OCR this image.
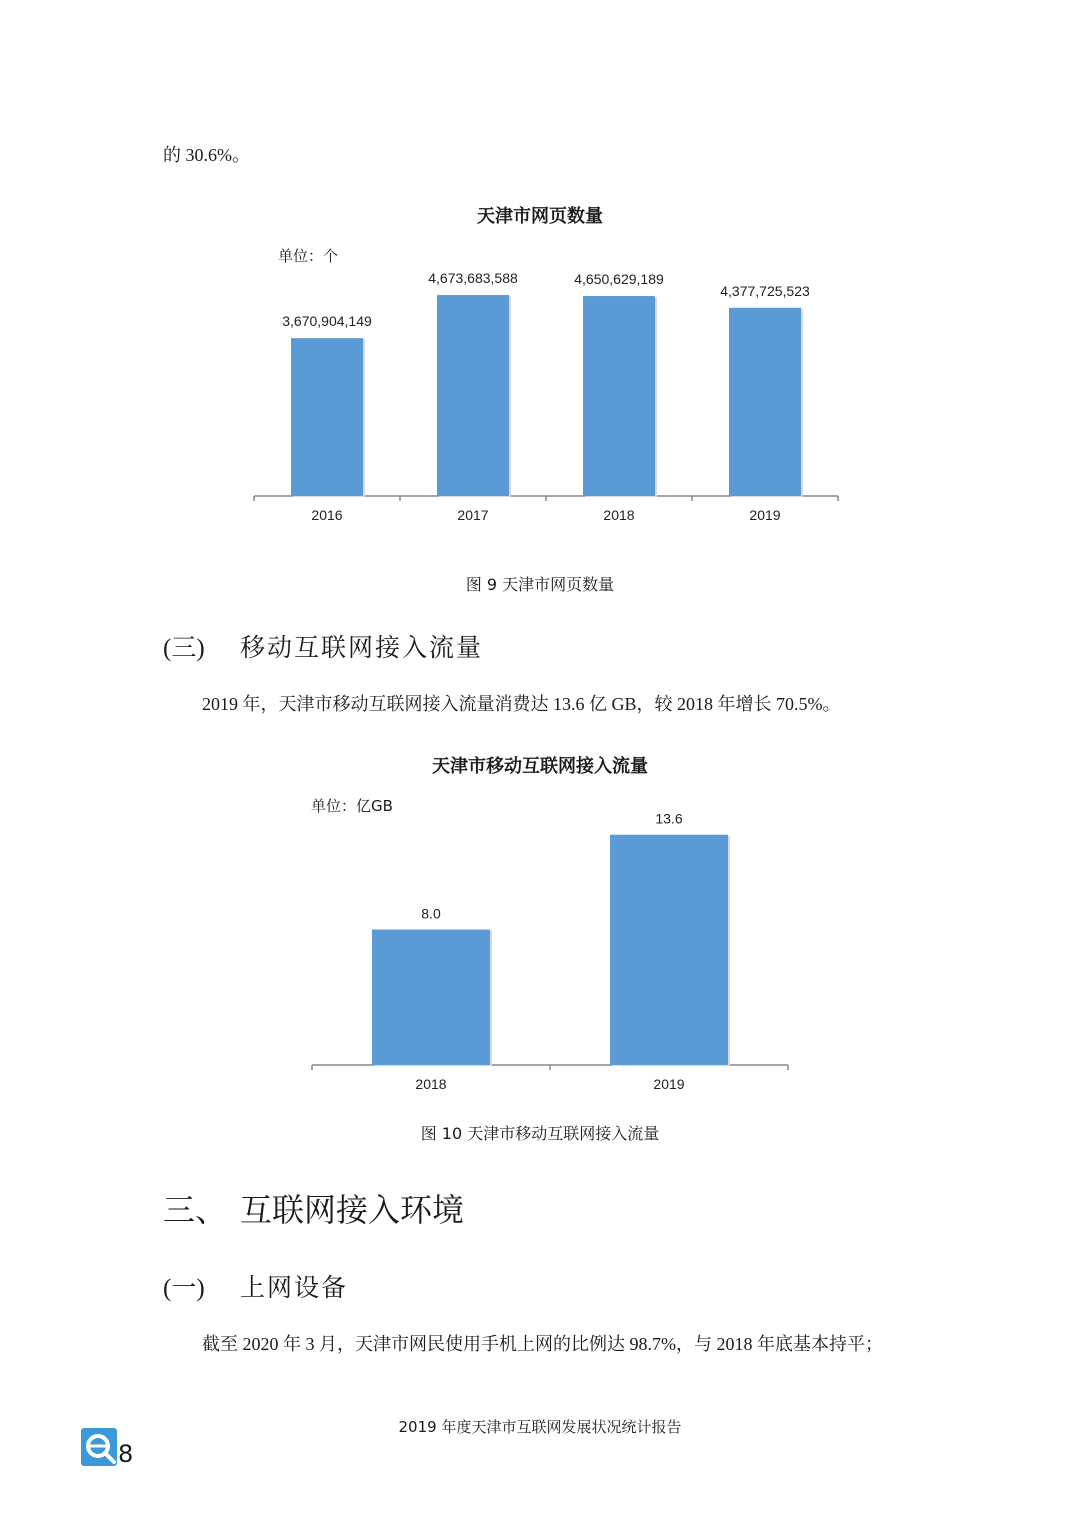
的 30.6%。
天津市网页数量
单位：个
3,670,904,149
2016
4,673,683,588
2017
4,650,629,189
2018
4,377,725,523
2019
图 9 天津市网页数量
(三) 移动互联网接入流量
2019 年，天津市移动互联网接入流量消费达 13.6 亿 GB，较 2018 年增长 70.5%。
天津市移动互联网接入流量
单位：亿GB
8.0
2018
13.6
2019
图 10 天津市移动互联网接入流量
三、 互联网接入环境
(一) 上网设备
截至 2020 年 3 月，天津市网民使用手机上网的比例达 98.7%，与 2018 年底基本持平；
2019 年度天津市互联网发展状况统计报告
8
